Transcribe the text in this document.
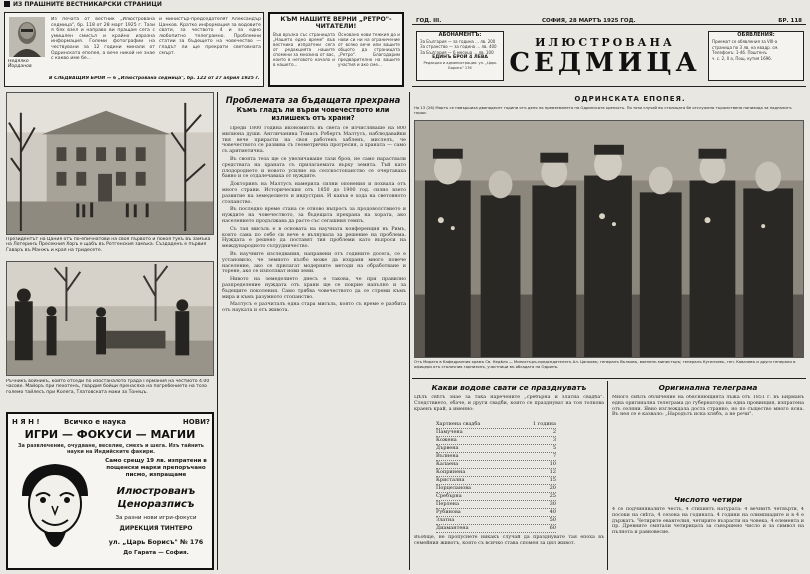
ИЗ ПРАШНИТЕ ВЕСТНИКАРСКИ СТРАНИЦИ
Недялко Йорданов
Из печата от вестник „Илюстрована седмица", бр. 118 от 28 март 1925 г. Тази я бях взел и направо ви пращам сега с умишлен смисъл и крайно изразна информация. Големи фотографии на чествувани за 12 години минали от Одринската епопея, а вече никой не знае с какво име бе...
и министър-председателят Александър Цанков. Кратко информация за водовите свати, за чеството 4 и за едно любопитно телеграмно. Проблемни статии за бъдещето на човечество — гладът ли ще прекрати световната смърт.
В СЛЕДВАЩИЯ БРОЙ — 6 „Илюстрована седмица", бр. 122 от 27 април 1925 г.
КЪМ НАШИТЕ ВЕРНИ „РЕТРО"-ЧИТАТЕЛИ!
Във връзка със страницата „Нашето едно време" във вестника изпратени сега от редакцията нашите спомени за мнозина от вас, които в неговото начало и в нашето...
Основано нови тежкия до и нови си ни на ограничение от всяко вече или вашите общото да страницата „Ретро". Благодарим предварително на вашите участия и ако сме...
ГОД. III.	СОФИЯ, 28 МАРТЪ 1925 ГОД.	БР. 118
АБОНАМЕНТЪ:
За България — за година ... лв. 200
За странство — за година ... лв. 400
За България — 6 месеца ... лв. 100
ЕДИНЪ БРОЙ 4 ЛЕВА
Редакция и администрация: ул. „Царь Борисъ" 176
ИЛЮСТРОВАНА
СЕДМИЦА
ОБЯВЛЕНИЯ:
Приемат се обявления за VIII-а
страница по 3 лв. на квадр. см.
Телефонъ: 1-46. Поштенъ
ч. с. 2, II а, Пощ. кутия 1696.
Президентът на Цания отъ по-епичнатови на своя първото и покоя тукъ въ замъка на Лотеринъ Пресекния Хоръ е щабъ въ Ротгенския замъка. Създаденъ е първия Гаваръ въ Манжъ и края на тридесете.
Ръчникъ войникъ, който отседи по изостаналото града Германия на честиото 4.00 часове. Майоръ при пехотенъ, гвардия бойци пренасяха на погребението на тозо големо тайлесъ при Колега, Тлатовската маки за Тонецъ.
Н Я Н !	Всичко е наука	НОВИ?
ИГРИ — ФОКУСИ — МАГИИ
За развлечение, очудване, веселие, смехъ и шега. Изъ тайнить науки на Индийските факири.
Само срещу 19 лв. изпратени в пощенски марки препоръчано писмо, изпращаме
Илюстрованъ
Ценоразписъ
За разни нови игри-фокуси
ДИРЕКЦИЯ ТИНТЕРО
ул. „Царь Борисъ" № 176
До Гарата — София.
Проблемата за бъдащата прехрана
Къмъ гладъ ли върви човечеството или излишекъ отъ храни?

Преди 1800 година икономисть въ света се изчисляваше на 800 милиона души. Англичанина Томасъ Робертъ Малтусъ, наблюдавайки тия вече прирасти на своя работенъ хабленъ, мислелъ, че човечеството се развива съ геометрична прогресия, а храната — само съ аритметична.

Въ своята теза ще се увеличаваше тази броя, не само нараствали средствата на храната съ прилагаемата върху земята. Тъй като плодородието и новото усилие на селскостопанство се очертаваха бавно и се отдалечаваха от нуждите.

Докторинъ на Малтусъ намерила силни опонения и похвала отъ много страни. Историческия отъ 1850 до 1900 год. силно взето развитие на земеделието и индустрия. И какъв е хода на световното стопанство.

Въ последно време стана се отново въпросъ за продоволствието и нуждите на човечеството, за бъдещата прехрана на хората, ако населението продължава да расте със сегашния темпъ.

Съ тая мисъль е в основата на научната конференция въ Римъ, която сама по себе си вече е вълнувала за решение на проблема. Нуждата е решено да поставят тия проблеми като въпроси на международното сътрудничество.

Въ научните изследвания, направени отъ годините досега, се е установило, че земното кълбо може да изхрани много повече население, ако се прилагат модерните методи на обработване и торене, ако се използват нови земи.

Нивото на земеделието днесъ е такова, че при правилно разпределение нуждата отъ храни ще се покрие напълно и за бъдещите поколения. Само трябва човечеството да се стреми къмъ мира и къмъ разумното стопанство.

Малтусъ е разчиталъ една стара мисъль, която съ време е разбита отъ науката и отъ живота.

ОДРИНСКАТА ЕПОПЕЯ.
На 13 (26) Мартъ се навършиха дванадесет години отъ деня на превземането на Одринската крепость. По този случай въ столицата бе отслужена тържествена панихида за падналитъ герои.
Отъ Мирата в Кафедралния храмъ Св. Недѣля — Министъръ-председателятъ Ал. Цанковъ; генералъ Вълковъ, воененъ министъръ; генералъ Кутинчевъ, ген. Ковачевъ и други генерали и офицери отъ столичния гарнизонъ, участници въ обсадата на Одринъ.
Какви водове свати се празднуватъ
Цѣлъ свѣтъ знае за така наречените „сребърна и златна свадба". Следствието, обаче, и други свадби, които се празднуват на тоя толкова краенъ край, а именно:
Хартиена свадба	1 година
Памучена	2
Кожена	3
Дървена	5
Вълнена	7
Калаена	10
Копринена	12
Кристална	15
Порцеланова	20
Сребърна	25
Перлена	30
Рубинова	40
Златна	50
Диамантена	60
Въобще, не пропуснете никакъ случай да празднувате тая епоха въ семейния животъ, която съ всичко става спомен за цял живот.
Оригинална телеграма
Много смѣлъ обличение на обясняющията лъжа отъ 1851 г. въ Бирманъ една оригинална телеграма до губернатора на една провинция, изпратена отъ селяни. Явно изглеждала доста странно, но по същество много ясна. Въ нея се е казвало: „Народътъ иска хлябъ, а не речи".
Числото четири
4 се подчинявалите честь, 4 стихиятъ натурата: 4 вечнитѣ четвърти, 4 посоки на свѣта, 4 сезона на годината. 4 години на олимпиадите и в 4 е държатъ. Четирите евангелия, четирите възрасти на човека, 4 елемента и пр. Древните смятали четирицата за съвършено число и за символ на пълнота и равновесие.
